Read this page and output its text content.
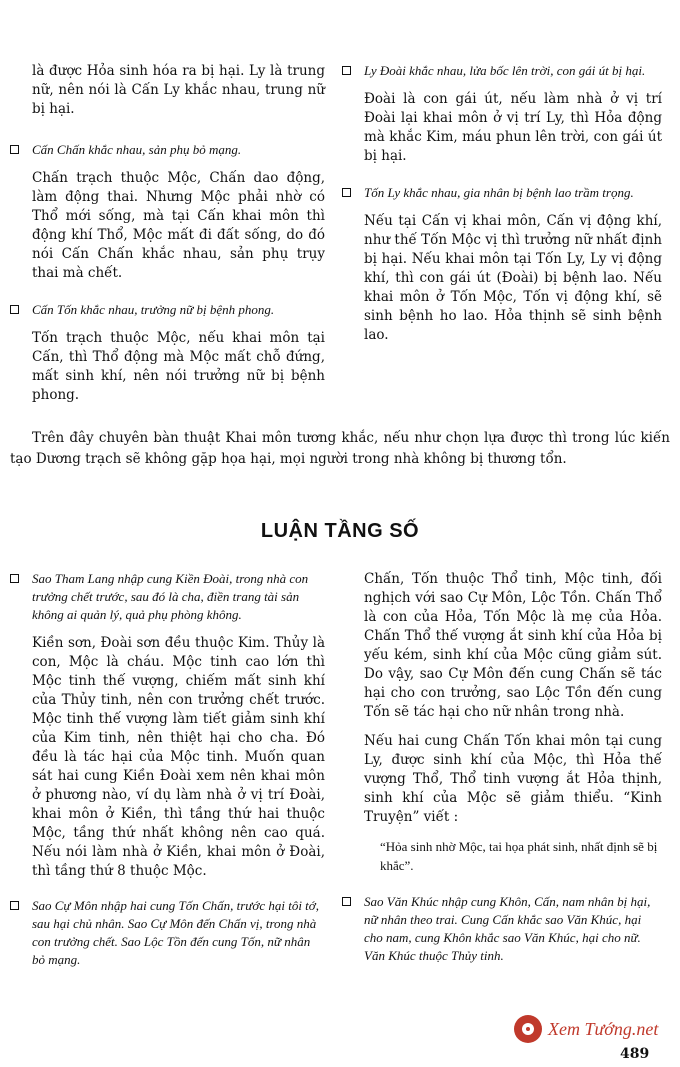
là được Hỏa sinh hóa ra bị hại. Ly là trung nữ, nên nói là Cấn Ly khắc nhau, trung nữ bị hại.
Cấn Chấn khắc nhau, sản phụ bỏ mạng.
Chấn trạch thuộc Mộc, Chấn dao động, làm động thai. Nhưng Mộc phải nhờ có Thổ mới sống, mà tại Cấn khai môn thì động khí Thổ, Mộc mất đi đất sống, do đó nói Cấn Chấn khắc nhau, sản phụ trụy thai mà chết.
Cấn Tốn khắc nhau, trưởng nữ bị bệnh phong.
Tốn trạch thuộc Mộc, nếu khai môn tại Cấn, thì Thổ động mà Mộc mất chỗ đứng, mất sinh khí, nên nói trưởng nữ bị bệnh phong.
Ly Đoài khắc nhau, lửa bốc lên trời, con gái út bị hại.
Đoài là con gái út, nếu làm nhà ở vị trí Đoài lại khai môn ở vị trí Ly, thì Hỏa động mà khắc Kim, máu phun lên trời, con gái út bị hại.
Tốn Ly khắc nhau, gia nhân bị bệnh lao trầm trọng.
Nếu tại Cấn vị khai môn, Cấn vị động khí, như thế Tốn Mộc vị thì trưởng nữ nhất định bị hại. Nếu khai môn tại Tốn Ly, Ly vị động khí, thì con gái út (Đoài) bị bệnh lao. Nếu khai môn ở Tốn Mộc, Tốn vị động khí, sẽ sinh bệnh ho lao. Hỏa thịnh sẽ sinh bệnh lao.
Trên đây chuyên bàn thuật Khai môn tương khắc, nếu như chọn lựa được thì trong lúc kiến tạo Dương trạch sẽ không gặp họa hại, mọi người trong nhà không bị thương tổn.
LUẬN TẦNG SỐ
Sao Tham Lang nhập cung Kiền Đoài, trong nhà con trưởng chết trước, sau đó là cha, điền trang tài sản không ai quản lý, quả phụ phòng không.
Kiền sơn, Đoài sơn đều thuộc Kim. Thủy là con, Mộc là cháu. Mộc tinh cao lớn thì Mộc tinh thế vượng, chiếm mất sinh khí của Thủy tinh, nên con trưởng chết trước. Mộc tinh thế vượng làm tiết giảm sinh khí của Kim tinh, nên thiệt hại cho cha. Đó đều là tác hại của Mộc tinh. Muốn quan sát hai cung Kiền Đoài xem nên khai môn ở phương nào, ví dụ làm nhà ở vị trí Đoài, khai môn ở Kiền, thì tầng thứ hai thuộc Mộc, tầng thứ nhất không nên cao quá. Nếu nói làm nhà ở Kiền, khai môn ở Đoài, thì tầng thứ 8 thuộc Mộc.
Sao Cự Môn nhập hai cung Tốn Chấn, trước hại tôi tớ, sau hại chủ nhân. Sao Cự Môn đến Chấn vị, trong nhà con trưởng chết. Sao Lộc Tồn đến cung Tốn, nữ nhân bỏ mạng.
Chấn, Tốn thuộc Thổ tinh, Mộc tinh, đối nghịch với sao Cự Môn, Lộc Tồn. Chấn Thổ là con của Hỏa, Tốn Mộc là mẹ của Hỏa. Chấn Thổ thế vượng ắt sinh khí của Hỏa bị yếu kém, sinh khí của Mộc cũng giảm sút. Do vậy, sao Cự Môn đến cung Chấn sẽ tác hại cho con trưởng, sao Lộc Tồn đến cung Tốn sẽ tác hại cho nữ nhân trong nhà.
Nếu hai cung Chấn Tốn khai môn tại cung Ly, được sinh khí của Mộc, thì Hỏa thế vượng Thổ, Thổ tinh vượng ắt Hỏa thịnh, sinh khí của Mộc sẽ giảm thiểu. “Kinh Truyện” viết :
“Hỏa sinh nhờ Mộc, tai họa phát sinh, nhất định sẽ bị khắc”.
Sao Văn Khúc nhập cung Khôn, Cấn, nam nhân bị hại, nữ nhân theo trai. Cung Cấn khắc sao Văn Khúc, hại cho nam, cung Khôn khắc sao Văn Khúc, hại cho nữ. Văn Khúc thuộc Thủy tinh.
Xem Tướng.net
489
